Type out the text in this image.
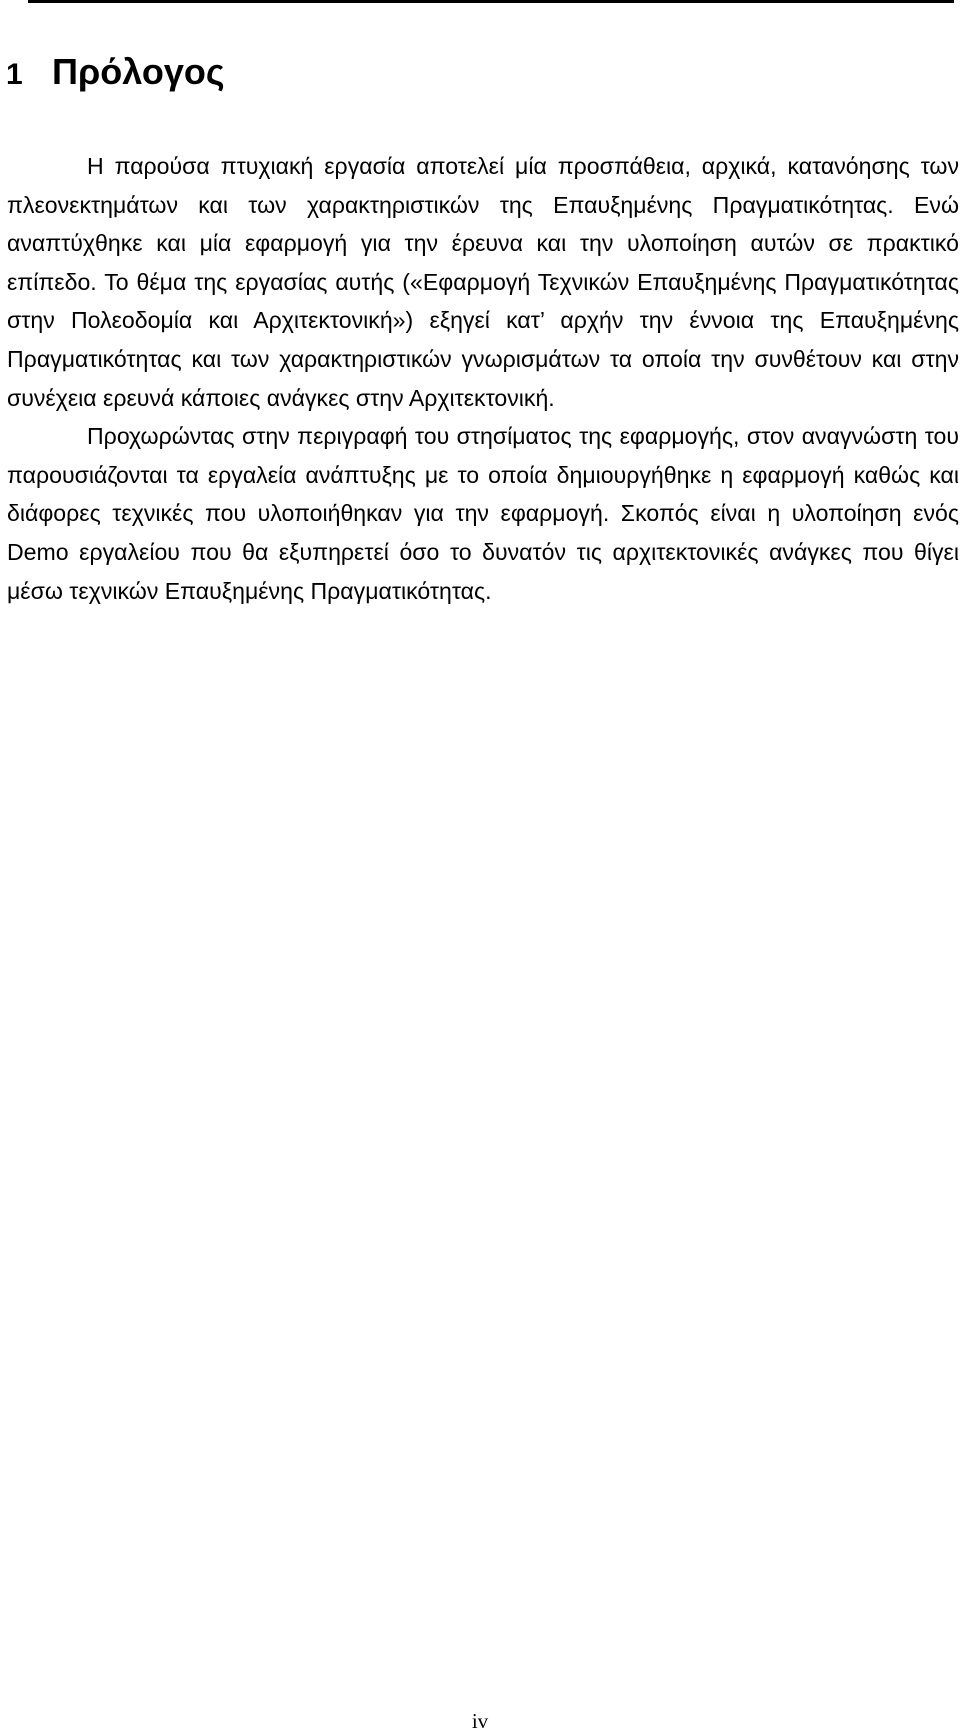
1 Πρόλογος

Η παρούσα πτυχιακή εργασία αποτελεί μία προσπάθεια, αρχικά, κατανόησης των πλεονεκτημάτων και των χαρακτηριστικών της Επαυξημένης Πραγματικότητας. Ενώ αναπτύχθηκε και μία εφαρμογή για την έρευνα και την υλοποίηση αυτών σε πρακτικό επίπεδο. Το θέμα της εργασίας αυτής («Εφαρμογή Τεχνικών Επαυξημένης Πραγματικότητας στην Πολεοδομία και Αρχιτεκτονική») εξηγεί κατ’ αρχήν την έννοια της Επαυξημένης Πραγματικότητας και των χαρακτηριστικών γνωρισμάτων τα οποία την συνθέτουν και στην συνέχεια ερευνά κάποιες ανάγκες στην Αρχιτεκτονική.

Προχωρώντας στην περιγραφή του στησίματος της εφαρμογής, στον αναγνώστη του παρουσιάζονται τα εργαλεία ανάπτυξης με το οποία δημιουργήθηκε η εφαρμογή καθώς και διάφορες τεχνικές που υλοποιήθηκαν για την εφαρμογή. Σκοπός είναι η υλοποίηση ενός Demo εργαλείου που θα εξυπηρετεί όσο το δυνατόν τις αρχιτεκτονικές ανάγκες που θίγει μέσω τεχνικών Επαυξημένης Πραγματικότητας.

iv
